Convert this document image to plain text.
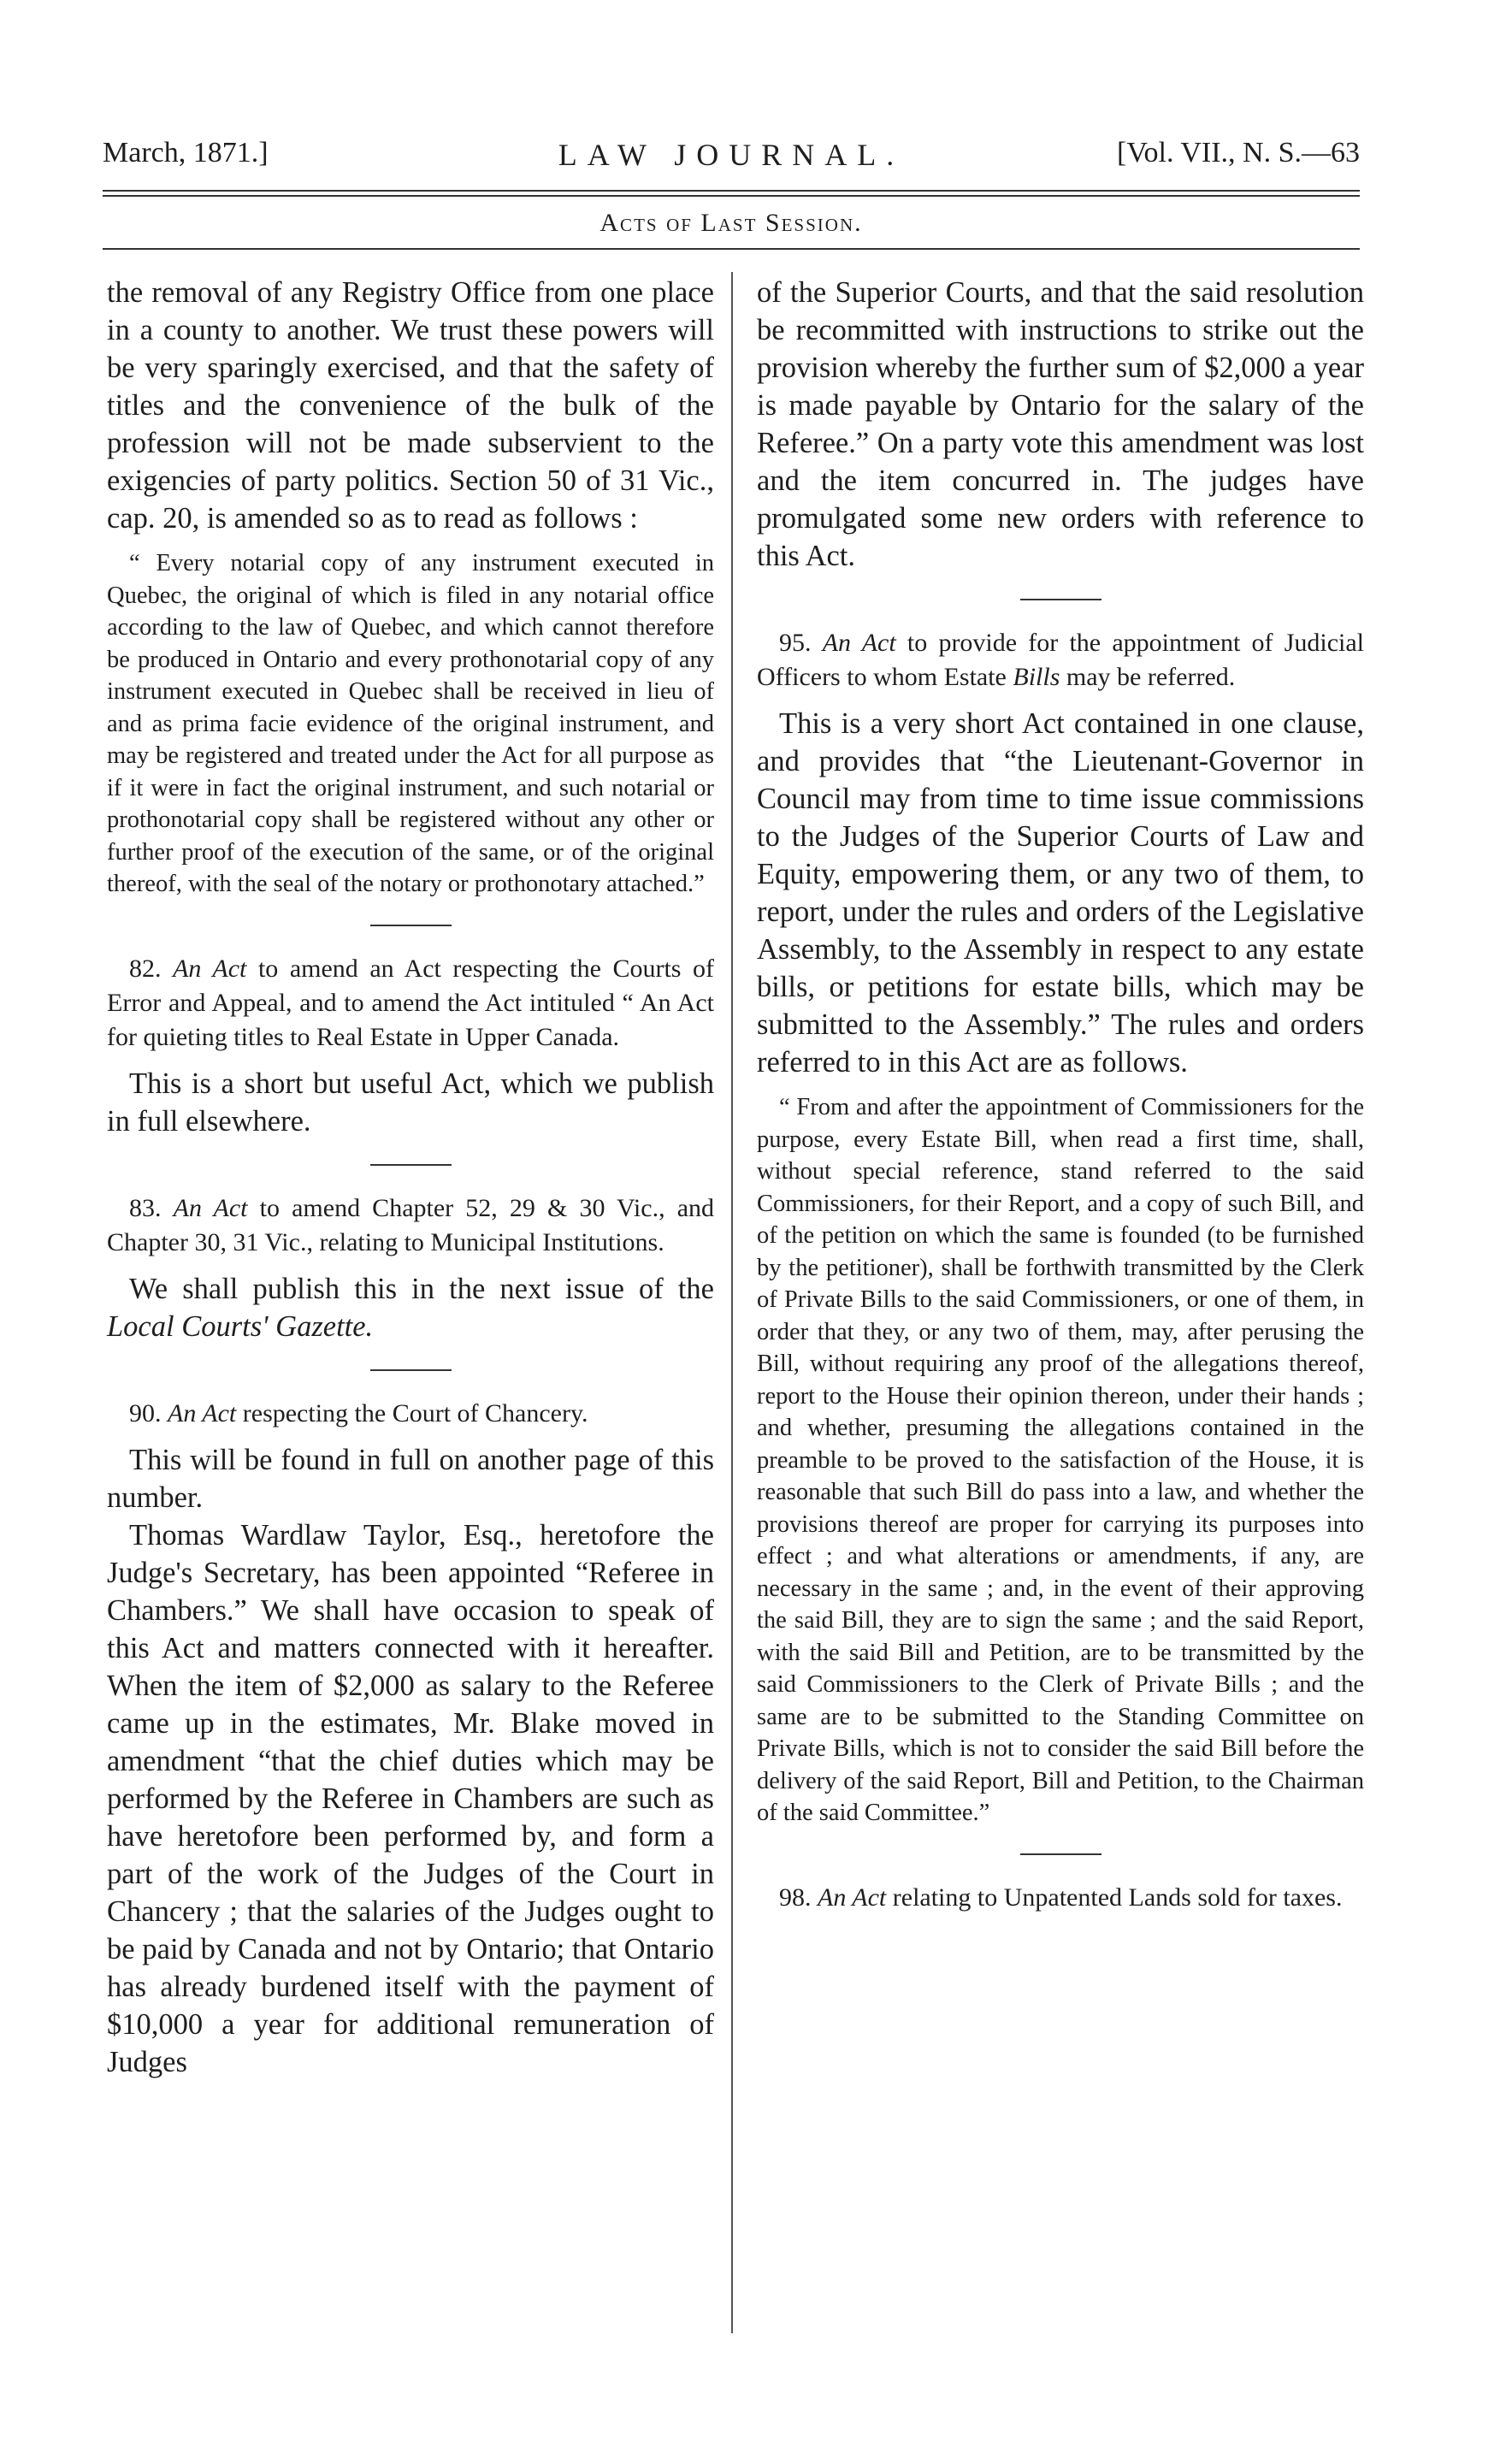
March, 1871.]	LAW JOURNAL.	[Vol. VII., N. S.—63
Acts of Last Session.

the removal of any Registry Office from one place in a county to another. We trust these powers will be very sparingly exercised, and that the safety of titles and the convenience of the bulk of the profession will not be made subservient to the exigencies of party politics. Section 50 of 31 Vic., cap. 20, is amended so as to read as follows :

“ Every notarial copy of any instrument executed in Quebec, the original of which is filed in any notarial office according to the law of Quebec, and which cannot therefore be produced in Ontario and every prothonotarial copy of any instrument executed in Quebec shall be received in lieu of and as prima facie evidence of the original instrument, and may be registered and treated under the Act for all purpose as if it were in fact the original instrument, and such notarial or prothonotarial copy shall be registered without any other or further proof of the execution of the same, or of the original thereof, with the seal of the notary or prothonotary attached.”

82. An Act to amend an Act respecting the Courts of Error and Appeal, and to amend the Act intituled “ An Act for quieting titles to Real Estate in Upper Canada.

This is a short but useful Act, which we publish in full elsewhere.

83. An Act to amend Chapter 52, 29 & 30 Vic., and Chapter 30, 31 Vic., relating to Municipal Institutions.

We shall publish this in the next issue of the Local Courts' Gazette.

90. An Act respecting the Court of Chancery.

This will be found in full on another page of this number.

Thomas Wardlaw Taylor, Esq., heretofore the Judge's Secretary, has been appointed “Referee in Chambers.” We shall have occasion to speak of this Act and matters connected with it hereafter. When the item of $2,000 as salary to the Referee came up in the estimates, Mr. Blake moved in amendment “that the chief duties which may be performed by the Referee in Chambers are such as have heretofore been performed by, and form a part of the work of the Judges of the Court in Chancery ; that the salaries of the Judges ought to be paid by Canada and not by Ontario; that Ontario has already burdened itself with the payment of $10,000 a year for additional remuneration of Judges

of the Superior Courts, and that the said resolution be recommitted with instructions to strike out the provision whereby the further sum of $2,000 a year is made payable by Ontario for the salary of the Referee.” On a party vote this amendment was lost and the item concurred in. The judges have promulgated some new orders with reference to this Act.

95. An Act to provide for the appointment of Judicial Officers to whom Estate Bills may be referred.

This is a very short Act contained in one clause, and provides that “the Lieutenant-Governor in Council may from time to time issue commissions to the Judges of the Superior Courts of Law and Equity, empowering them, or any two of them, to report, under the rules and orders of the Legislative Assembly, to the Assembly in respect to any estate bills, or petitions for estate bills, which may be submitted to the Assembly.” The rules and orders referred to in this Act are as follows.

“ From and after the appointment of Commissioners for the purpose, every Estate Bill, when read a first time, shall, without special reference, stand referred to the said Commissioners, for their Report, and a copy of such Bill, and of the petition on which the same is founded (to be furnished by the petitioner), shall be forthwith transmitted by the Clerk of Private Bills to the said Commissioners, or one of them, in order that they, or any two of them, may, after perusing the Bill, without requiring any proof of the allegations thereof, report to the House their opinion thereon, under their hands ; and whether, presuming the allegations contained in the preamble to be proved to the satisfaction of the House, it is reasonable that such Bill do pass into a law, and whether the provisions thereof are proper for carrying its purposes into effect ; and what alterations or amendments, if any, are necessary in the same ; and, in the event of their approving the said Bill, they are to sign the same ; and the said Report, with the said Bill and Petition, are to be transmitted by the said Commissioners to the Clerk of Private Bills ; and the same are to be submitted to the Standing Committee on Private Bills, which is not to consider the said Bill before the delivery of the said Report, Bill and Petition, to the Chairman of the said Committee.”

98. An Act relating to Unpatented Lands sold for taxes.
